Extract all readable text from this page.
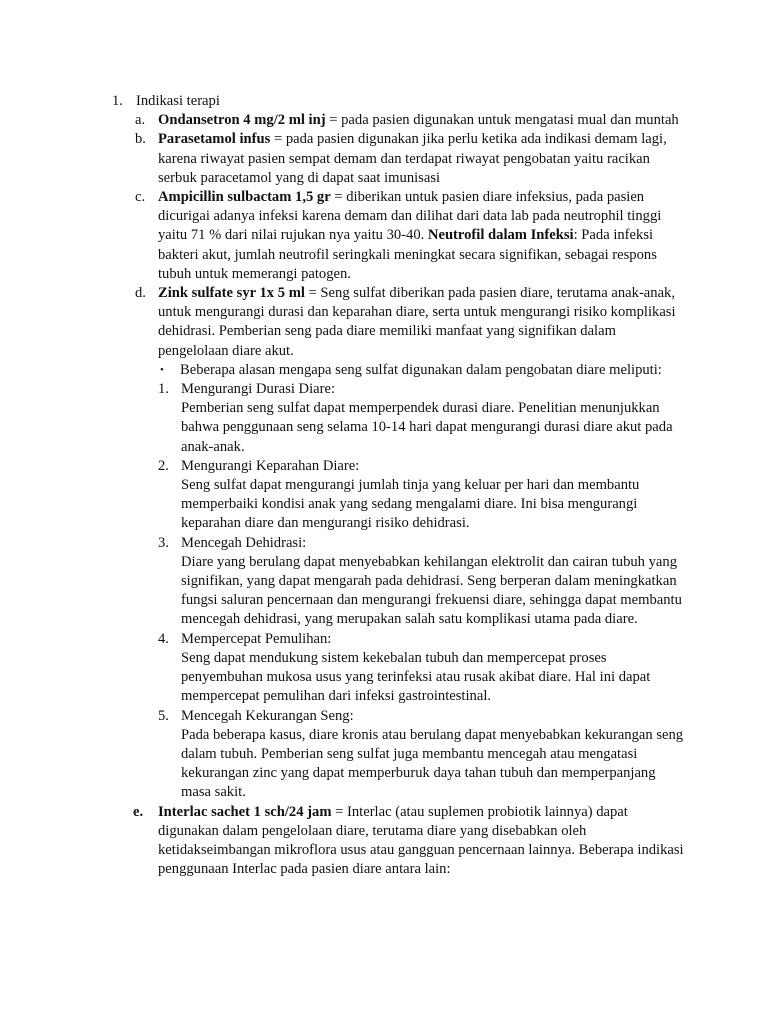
1. Indikasi terapi
a. Ondansetron 4 mg/2 ml inj = pada pasien digunakan untuk mengatasi mual dan muntah
b. Parasetamol infus = pada pasien digunakan jika perlu ketika ada indikasi demam lagi, karena riwayat pasien sempat demam dan terdapat riwayat pengobatan yaitu racikan serbuk paracetamol yang di dapat saat imunisasi
c. Ampicillin sulbactam 1,5 gr = diberikan untuk pasien diare infeksius, pada pasien dicurigai adanya infeksi karena demam dan dilihat dari data lab pada neutrophil tinggi yaitu 71 % dari nilai rujukan nya yaitu 30-40. Neutrofil dalam Infeksi: Pada infeksi bakteri akut, jumlah neutrofil seringkali meningkat secara signifikan, sebagai respons tubuh untuk memerangi patogen.
d. Zink sulfate syr 1x 5 ml = Seng sulfat diberikan pada pasien diare, terutama anak-anak, untuk mengurangi durasi dan keparahan diare, serta untuk mengurangi risiko komplikasi dehidrasi. Pemberian seng pada diare memiliki manfaat yang signifikan dalam pengelolaan diare akut.
• Beberapa alasan mengapa seng sulfat digunakan dalam pengobatan diare meliputi:
1. Mengurangi Durasi Diare:
Pemberian seng sulfat dapat memperpendek durasi diare. Penelitian menunjukkan bahwa penggunaan seng selama 10-14 hari dapat mengurangi durasi diare akut pada anak-anak.
2. Mengurangi Keparahan Diare:
Seng sulfat dapat mengurangi jumlah tinja yang keluar per hari dan membantu memperbaiki kondisi anak yang sedang mengalami diare. Ini bisa mengurangi keparahan diare dan mengurangi risiko dehidrasi.
3. Mencegah Dehidrasi:
Diare yang berulang dapat menyebabkan kehilangan elektrolit dan cairan tubuh yang signifikan, yang dapat mengarah pada dehidrasi. Seng berperan dalam meningkatkan fungsi saluran pencernaan dan mengurangi frekuensi diare, sehingga dapat membantu mencegah dehidrasi, yang merupakan salah satu komplikasi utama pada diare.
4. Mempercepat Pemulihan:
Seng dapat mendukung sistem kekebalan tubuh dan mempercepat proses penyembuhan mukosa usus yang terinfeksi atau rusak akibat diare. Hal ini dapat mempercepat pemulihan dari infeksi gastrointestinal.
5. Mencegah Kekurangan Seng:
Pada beberapa kasus, diare kronis atau berulang dapat menyebabkan kekurangan seng dalam tubuh. Pemberian seng sulfat juga membantu mencegah atau mengatasi kekurangan zinc yang dapat memperburuk daya tahan tubuh dan memperpanjang masa sakit.
e. Interlac sachet 1 sch/24 jam = Interlac (atau suplemen probiotik lainnya) dapat digunakan dalam pengelolaan diare, terutama diare yang disebabkan oleh ketidakseimbangan mikroflora usus atau gangguan pencernaan lainnya. Beberapa indikasi penggunaan Interlac pada pasien diare antara lain:
